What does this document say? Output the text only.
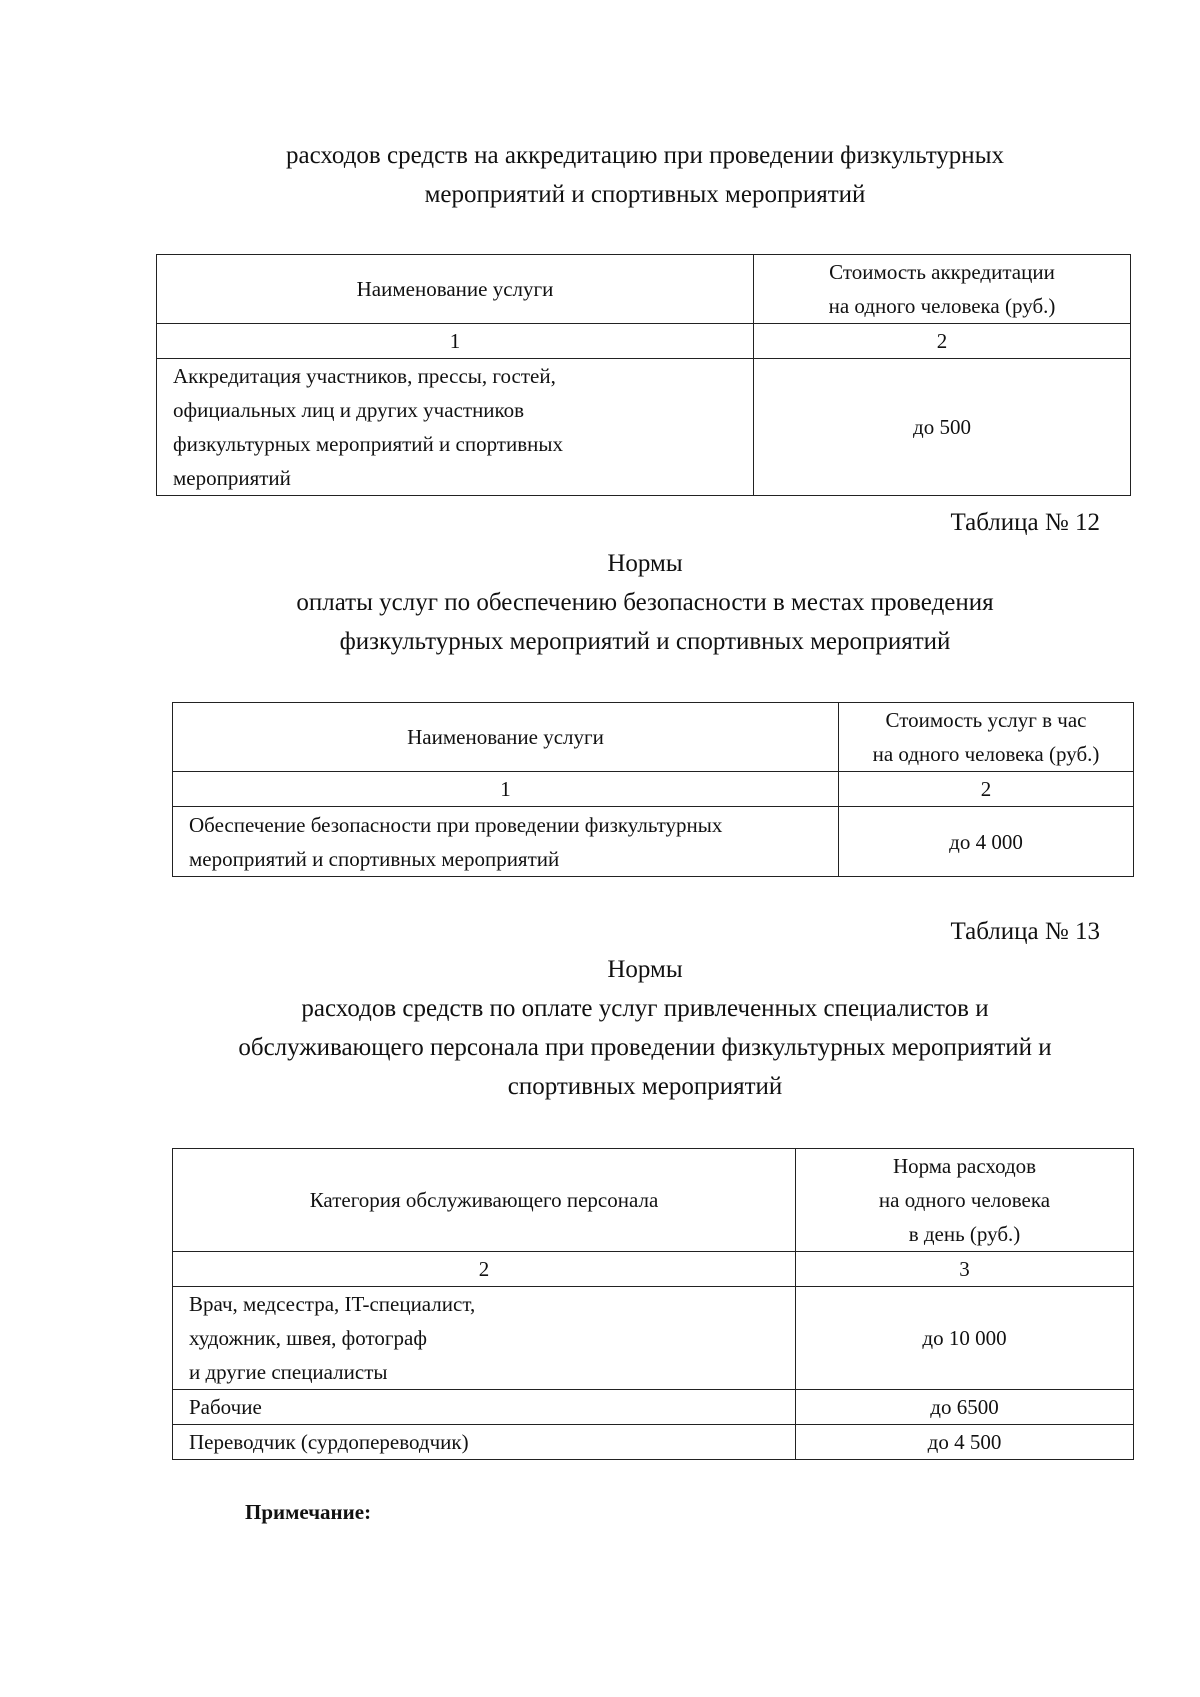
расходов средств на аккредитацию при проведении физкультурных
мероприятий и спортивных мероприятий
Наименование услуги	Стоимость аккредитации
на одного человека (руб.)

1	2

Аккредитация участников, прессы, гостей,
официальных лиц и других участников
физкультурных мероприятий и спортивных
мероприятий	до 500
Таблица № 12
Нормы
оплаты услуг по обеспечению безопасности в местах проведения
физкультурных мероприятий и спортивных мероприятий
Наименование услуги	Стоимость услуг в час
на одного человека (руб.)

1	2

Обеспечение безопасности при проведении физкультурных
мероприятий и спортивных мероприятий	до 4 000
Таблица № 13
Нормы
расходов средств по оплате услуг привлеченных специалистов и
обслуживающего персонала при проведении физкультурных мероприятий и
спортивных мероприятий
Категория обслуживающего персонала	Норма расходов
на одного человека
в день (руб.)

2	3

Врач, медсестра, IT-специалист,
художник, швея, фотограф
и другие специалисты	до 10 000
Рабочие	до 6500
Переводчик (сурдопереводчик)	до 4 500
Примечание:
